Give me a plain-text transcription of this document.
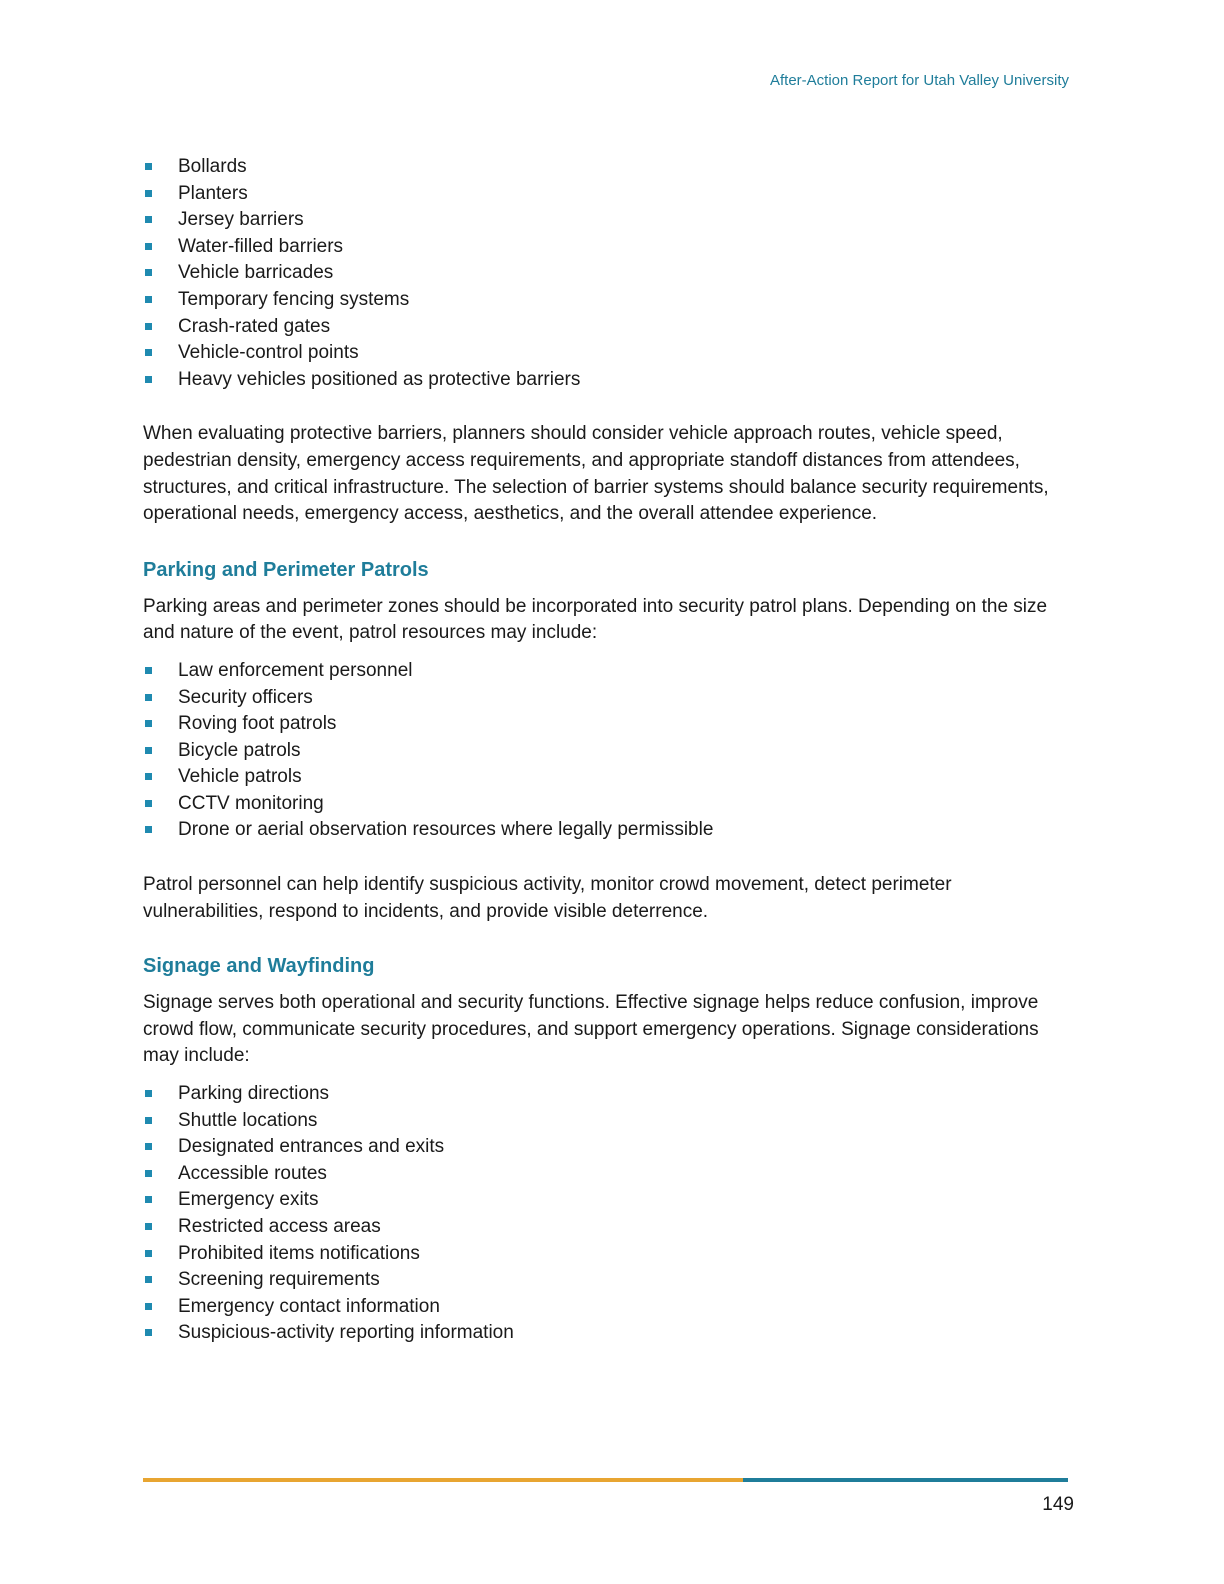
After-Action Report for Utah Valley University
Bollards
Planters
Jersey barriers
Water-filled barriers
Vehicle barricades
Temporary fencing systems
Crash-rated gates
Vehicle-control points
Heavy vehicles positioned as protective barriers

When evaluating protective barriers, planners should consider vehicle approach routes, vehicle speed, pedestrian density, emergency access requirements, and appropriate standoff distances from attendees, structures, and critical infrastructure. The selection of barrier systems should balance security requirements, operational needs, emergency access, aesthetics, and the overall attendee experience.

Parking and Perimeter Patrols

Parking areas and perimeter zones should be incorporated into security patrol plans. Depending on the size and nature of the event, patrol resources may include:

Law enforcement personnel
Security officers
Roving foot patrols
Bicycle patrols
Vehicle patrols
CCTV monitoring
Drone or aerial observation resources where legally permissible

Patrol personnel can help identify suspicious activity, monitor crowd movement, detect perimeter vulnerabilities, respond to incidents, and provide visible deterrence.

Signage and Wayfinding

Signage serves both operational and security functions. Effective signage helps reduce confusion, improve crowd flow, communicate security procedures, and support emergency operations. Signage considerations may include:

Parking directions
Shuttle locations
Designated entrances and exits
Accessible routes
Emergency exits
Restricted access areas
Prohibited items notifications
Screening requirements
Emergency contact information
Suspicious-activity reporting information
149
